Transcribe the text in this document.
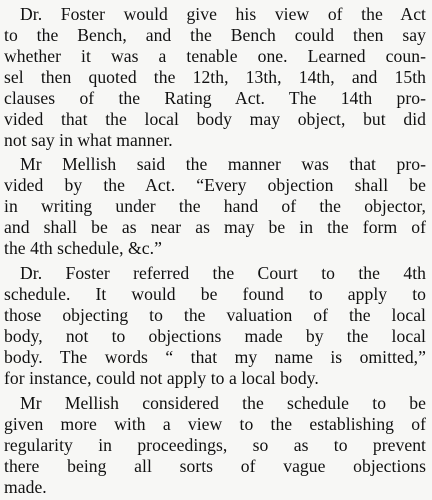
Dr. Foster would give his view of the Act
to the Bench, and the Bench could then say
whether it was a tenable one. Learned coun-
sel then quoted the 12th, 13th, 14th, and 15th
clauses of the Rating Act. The 14th pro-
vided that the local body may object, but did
not say in what manner.
Mr Mellish said the manner was that pro-
vided by the Act. “Every objection shall be
in writing under the hand of the objector,
and shall be as near as may be in the form of
the 4th schedule, &c.”
Dr. Foster referred the Court to the 4th
schedule. It would be found to apply to
those objecting to the valuation of the local
body, not to objections made by the local
body. The words “ that my name is omitted,”
for instance, could not apply to a local body.
Mr Mellish considered the schedule to be
given more with a view to the establishing of
regularity in proceedings, so as to prevent
there being all sorts of vague objections
made.
